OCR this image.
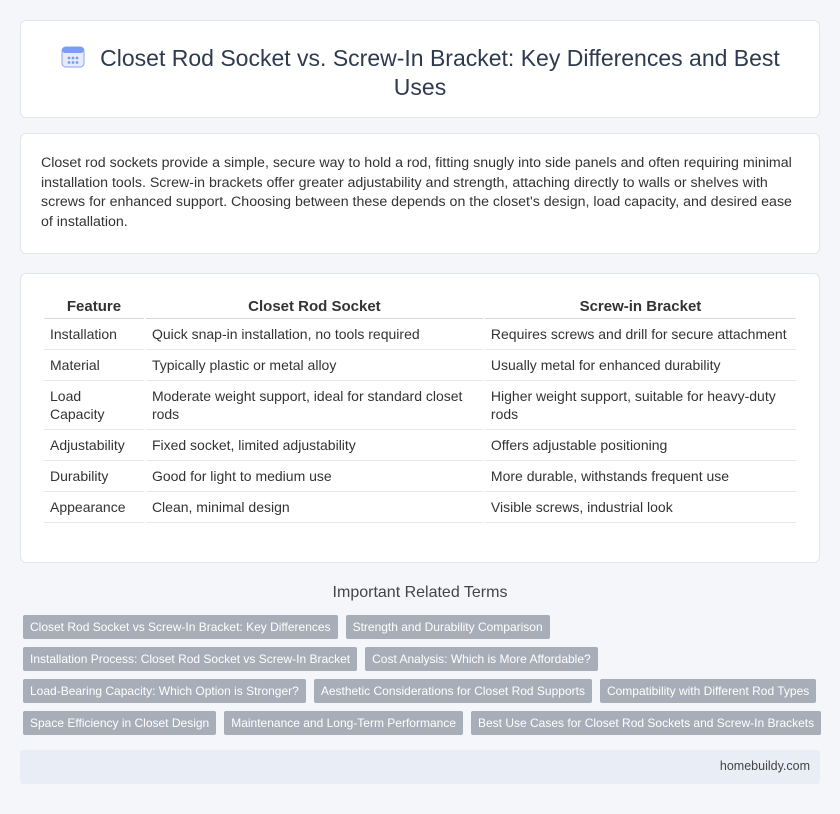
Closet Rod Socket vs. Screw-In Bracket: Key Differences and Best Uses

Closet rod sockets provide a simple, secure way to hold a rod, fitting snugly into side panels and often requiring minimal installation tools. Screw-in brackets offer greater adjustability and strength, attaching directly to walls or shelves with screws for enhanced support. Choosing between these depends on the closet's design, load capacity, and desired ease of installation.

Feature	Closet Rod Socket	Screw-in Bracket
Installation	Quick snap-in installation, no tools required	Requires screws and drill for secure attachment
Material	Typically plastic or metal alloy	Usually metal for enhanced durability
Load Capacity	Moderate weight support, ideal for standard closet rods	Higher weight support, suitable for heavy-duty rods
Adjustability	Fixed socket, limited adjustability	Offers adjustable positioning
Durability	Good for light to medium use	More durable, withstands frequent use
Appearance	Clean, minimal design	Visible screws, industrial look
Important Related Terms
Closet Rod Socket vs Screw-In Bracket: Key Differences	Strength and Durability Comparison
Installation Process: Closet Rod Socket vs Screw-In Bracket	Cost Analysis: Which is More Affordable?
Load-Bearing Capacity: Which Option is Stronger?	Aesthetic Considerations for Closet Rod Supports	Compatibility with Different Rod Types
Space Efficiency in Closet Design	Maintenance and Long-Term Performance	Best Use Cases for Closet Rod Sockets and Screw-In Brackets
homebuildy.com
